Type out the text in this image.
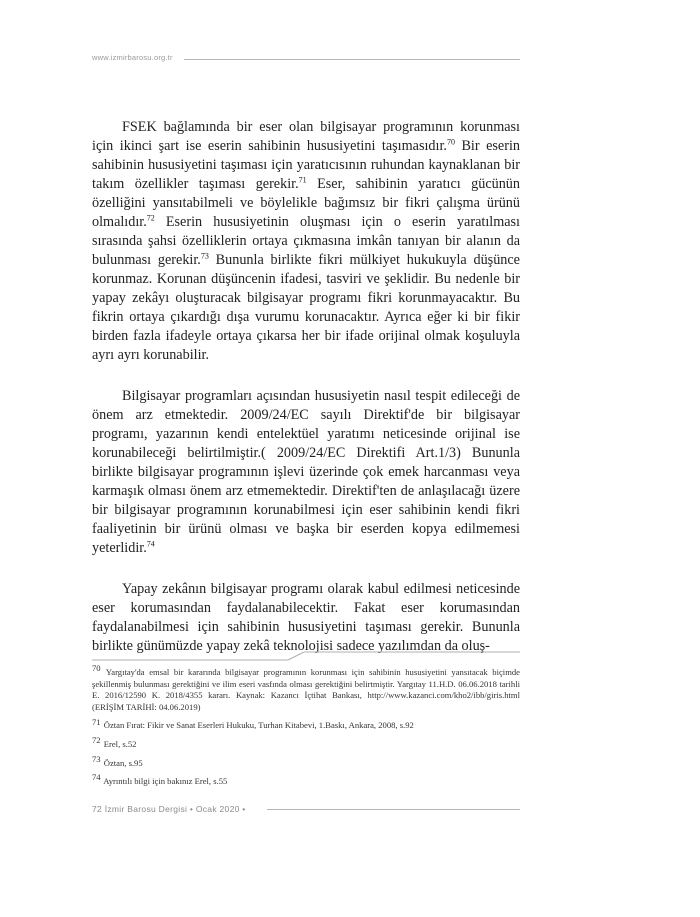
www.izmirbarosu.org.tr

FSEK bağlamında bir eser olan bilgisayar programının korunması için ikinci şart ise eserin sahibinin hususiyetini taşımasıdır.$^{70}$ Bir eserin sahibinin hususiyetini taşıması için yaratıcısının ruhundan kaynaklanan bir takım özellikler taşıması gerekir.$^{71}$ Eser, sahibinin yaratıcı gücünün özelliğini yansıtabilmeli ve böylelikle bağımsız bir fikri çalışma ürünü olmalıdır.$^{72}$ Eserin hususiyetinin oluşması için o eserin yaratılması sırasında şahsi özelliklerin ortaya çıkmasına imkân tanıyan bir alanın da bulunması gerekir.$^{73}$ Bununla birlikte fikri mülkiyet hukukuyla düşünce korunmaz. Korunan düşüncenin ifadesi, tasviri ve şeklidir. Bu nedenle bir yapay zekâyı oluşturacak bilgisayar programı fikri korunmayacaktır. Bu fikrin ortaya çıkardığı dışa vurumu korunacaktır. Ayrıca eğer ki bir fikir birden fazla ifadeyle ortaya çıkarsa her bir ifade orijinal olmak koşuluyla ayrı ayrı korunabilir.

Bilgisayar programları açısından hususiyetin nasıl tespit edileceği de önem arz etmektedir. 2009/24/EC sayılı Direktif'de bir bilgisayar programı, yazarının kendi entelektüel yaratımı neticesinde orijinal ise korunabileceği belirtilmiştir.( 2009/24/EC Direktifi Art.1/3) Bununla birlikte bilgisayar programının işlevi üzerinde çok emek harcanması veya karmaşık olması önem arz etmemektedir. Direktif'ten de anlaşılacağı üzere bir bilgisayar programının korunabilmesi için eser sahibinin kendi fikri faaliyetinin bir ürünü olması ve başka bir eserden kopya edilmemesi yeterlidir.$^{74}$

Yapay zekânın bilgisayar programı olarak kabul edilmesi neticesinde eser korumasından faydalanabilecektir. Fakat eser korumasından faydalanabilmesi için sahibinin hususiyetini taşıması gerekir. Bununla birlikte günümüzde yapay zekâ teknolojisi sadece yazılımdan da oluş-

70 Yargıtay'da emsal bir kararında bilgisayar programının korunması için sahibinin hususiyetini yansıtacak biçimde şekillenmiş bulunması gerektiğini ve ilim eseri vasfında olması gerektiğini belirtmiştir. Yargıtay 11.H.D. 06.06.2018 tarihli E. 2016/12590 K. 2018/4355 kararı. Kaynak: Kazancı İçtihat Bankası, http://www.kazanci.com/kho2/ibb/giris.html (ERİŞİM TARİHİ: 04.06.2019)

71 Öztan Fırat: Fikir ve Sanat Eserleri Hukuku, Turhan Kitabevi, 1.Baskı, Ankara, 2008, s.92

72 Erel, s.52

73 Öztan, s.95

74 Ayrıntılı bilgi için bakınız Erel, s.55

72 İzmir Barosu Dergisi • Ocak 2020 •
